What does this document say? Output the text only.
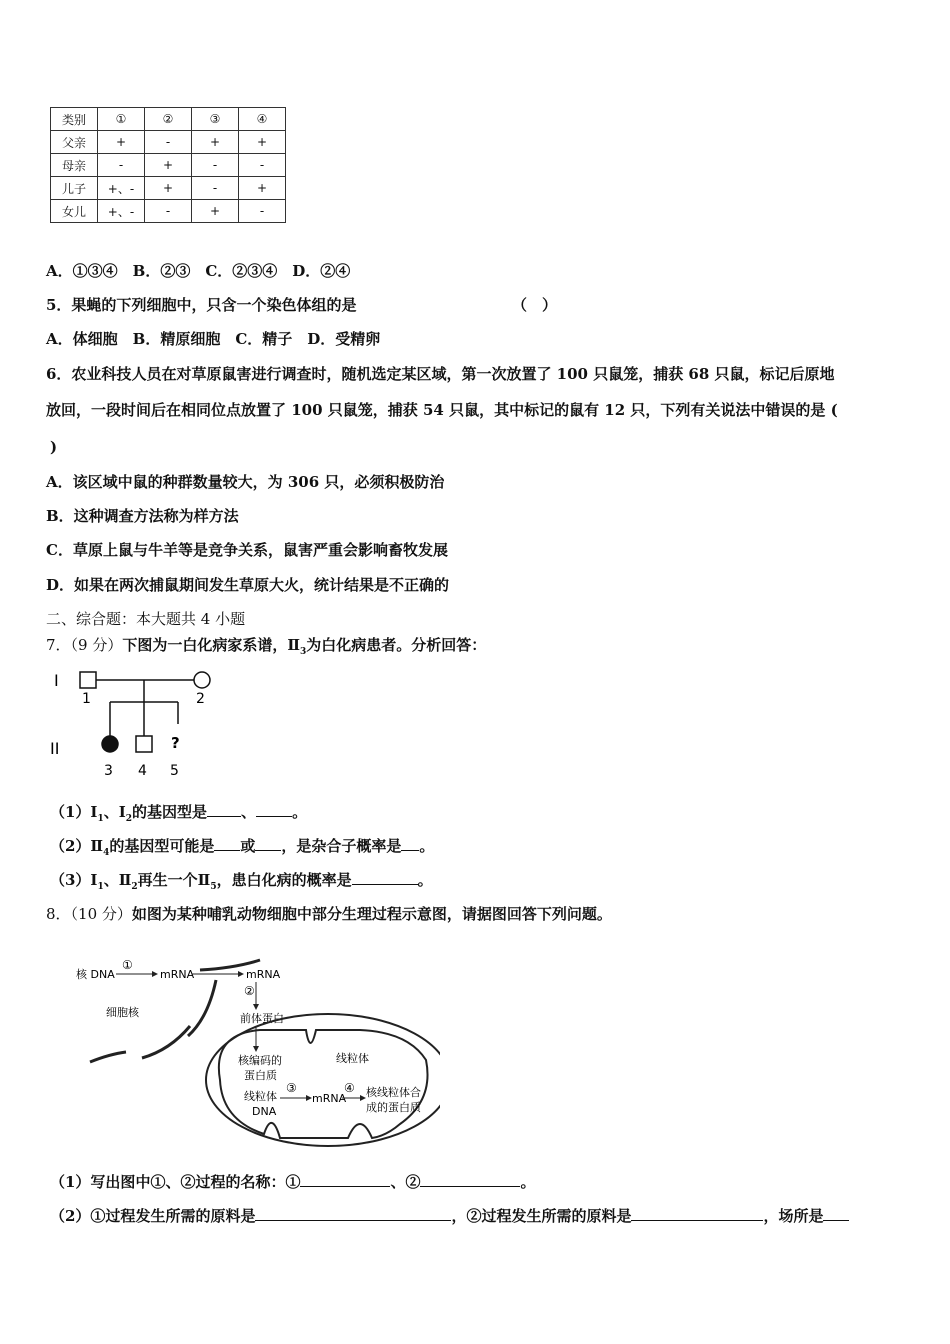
类别	①	②	③	④
父亲	+	-	+	+
母亲	-	+	-	-
儿子	+、-	+	-	+
女儿	+、-	-	+	-
A．①③④　B．②③　C．②③④　D．②④
5．果蝇的下列细胞中，只含一个染色体组的是	（　）
A．体细胞　B．精原细胞　C．精子　D．受精卵
6．农业科技人员在对草原鼠害进行调查时，随机选定某区域，第一次放置了 100 只鼠笼，捕获 68 只鼠，标记后原地
放回，一段时间后在相同位点放置了 100 只鼠笼，捕获 54 只鼠，其中标记的鼠有 12 只，下列有关说法中错误的是 (
)
A．该区域中鼠的种群数量较大，为 306 只，必须积极防治
B．这种调查方法称为样方法
C．草原上鼠与牛羊等是竞争关系，鼠害严重会影响畜牧发展
D．如果在两次捕鼠期间发生草原大火，统计结果是不正确的
二、综合题：本大题共 4 小题
7．（9 分）下图为一白化病家系谱，$Ⅱ_3$为白化病患者。分析回答：
I
1	2
II	?
3 4 5
$(1)Ⅰ_1$、$Ⅰ_2$的基因型是 、 。
$(2)Ⅱ_4$的基因型可能是 或 ，是杂合子概率是 。
$(3)Ⅰ_1$、$Ⅱ_2$再生一个$Ⅱ_5$，患白化病的概率是	。
8．（10 分）如图为某种哺乳动物细胞中部分生理过程示意图，请据图回答下列问题。
核 DNA
①
mRNA	mRNA
②
前体蛋白
细胞核
核编码的
蛋白质
线粒体
线粒体
DNA
③
mRNA
④ 核线粒体合
成的蛋白质
（1）写出图中①、②过程的名称：①	、②	。
（2）①过程发生所需的原料是	，②过程发生所需的原料是	，场所是
